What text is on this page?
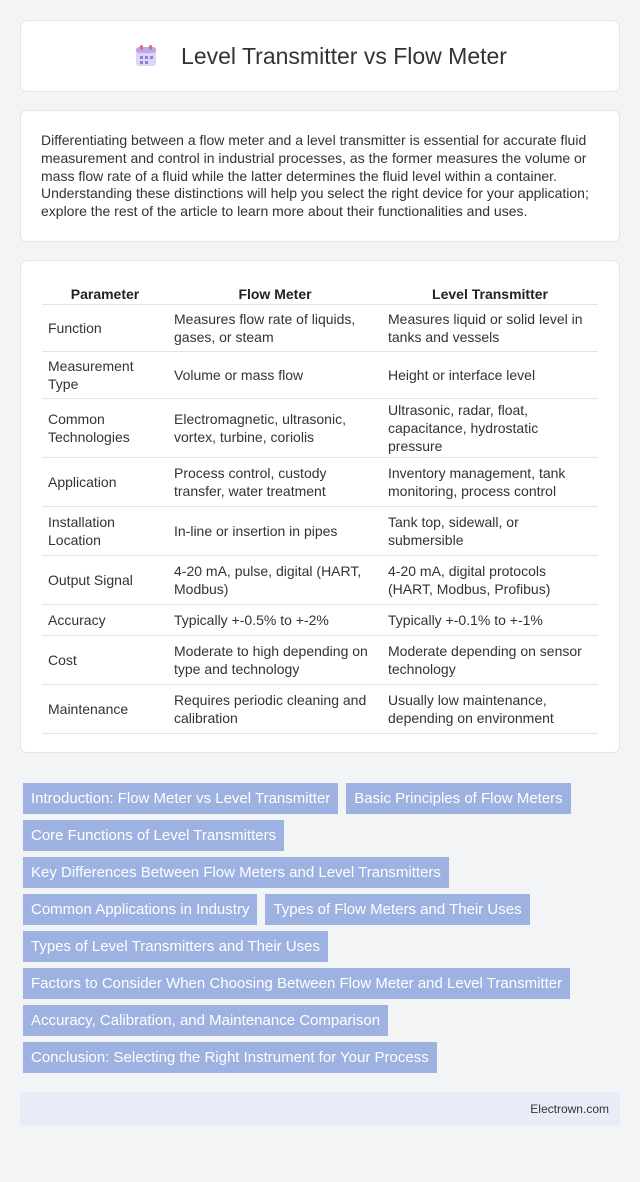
Level Transmitter vs Flow Meter

Differentiating between a flow meter and a level transmitter is essential for accurate fluid measurement and control in industrial processes, as the former measures the volume or mass flow rate of a fluid while the latter determines the fluid level within a container. Understanding these distinctions will help you select the right device for your application; explore the rest of the article to learn more about their functionalities and uses.

Parameter	Flow Meter	Level Transmitter
Function	Measures flow rate of liquids, gases, or steam	Measures liquid or solid level in tanks and vessels
Measurement Type	Volume or mass flow	Height or interface level
Common Technologies	Electromagnetic, ultrasonic, vortex, turbine, coriolis	Ultrasonic, radar, float, capacitance, hydrostatic pressure
Application	Process control, custody transfer, water treatment	Inventory management, tank monitoring, process control
Installation Location	In-line or insertion in pipes	Tank top, sidewall, or submersible
Output Signal	4-20 mA, pulse, digital (HART, Modbus)	4-20 mA, digital protocols (HART, Modbus, Profibus)
Accuracy	Typically +-0.5% to +-2%	Typically +-0.1% to +-1%
Cost	Moderate to high depending on type and technology	Moderate depending on sensor technology
Maintenance	Requires periodic cleaning and calibration	Usually low maintenance, depending on environment
Introduction: Flow Meter vs Level Transmitter	Basic Principles of Flow Meters
Core Functions of Level Transmitters
Key Differences Between Flow Meters and Level Transmitters
Common Applications in Industry	Types of Flow Meters and Their Uses
Types of Level Transmitters and Their Uses
Factors to Consider When Choosing Between Flow Meter and Level Transmitter
Accuracy, Calibration, and Maintenance Comparison
Conclusion: Selecting the Right Instrument for Your Process
Electrown.com
